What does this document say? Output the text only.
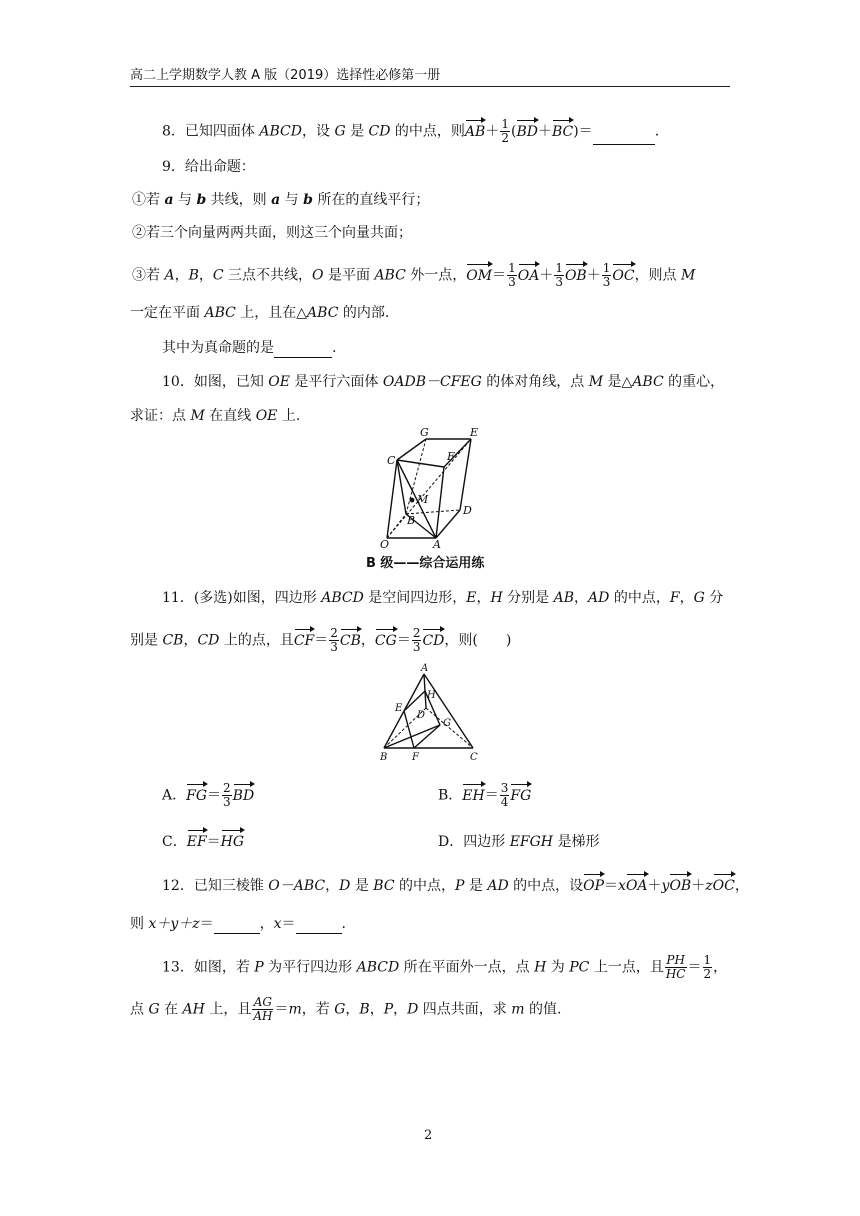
高二上学期数学人教 A 版（2019）选择性必修第一册
8．已知四面体 ABCD，设 G 是 CD 的中点，则$AB+ \frac{1}{2} (BD+BC)=$	.
9．给出命题：
①若 a 与 b 共线，则 a 与 b 所在的直线平行；
②若三个向量两两共面，则这三个向量共面；
③若 A，B，C 三点不共线，O 是平面 ABC 外一点，$OM= \frac{1}{3} OA+ \frac{1}{3} OB+ \frac{1}{3}$ OC，则点 M
一定在平面 ABC 上，且在△ABC 的内部.
其中为真命题的是	.
10．如图，已知 OE 是平行六面体 OADB－CFEG 的体对角线，点 M 是△ABC 的重心，
求证：点 M 在直线 OE 上.
G	E
C	F
M
B
D
O	A
B 级——综合运用练
11．(多选)如图，四边形 ABCD 是空间四边形，E，H 分别是 AB，AD 的中点，F，G 分
别是 CB，CD 上的点，且$CF= \frac{2}{3}$ CB，$CG= \frac{2}{3}$ CD，则(　　)
A
H
E
D
G
B F	C
A．$FG= \frac{2}{3}$ BD	B．$EH= \frac{3}{4}$ FG
C．EF＝HG	D．四边形 EFGH 是梯形
12．已知三棱锥 O－ABC，D 是 BC 的中点，P 是 AD 的中点，设OP＝xOA＋yOB＋zOC，
则 x＋y＋z＝	，x＝	.
13．如图，若 P 为平行四边形 ABCD 所在平面外一点，点 H 为 PC 上一点，且 $\frac{PH}{HC} = \frac{1}{2}$ ，
点 G 在 AH 上，且 $\frac{AG}{AH} =m$，若 G，B，P，D 四点共面，求 m 的值.
2
